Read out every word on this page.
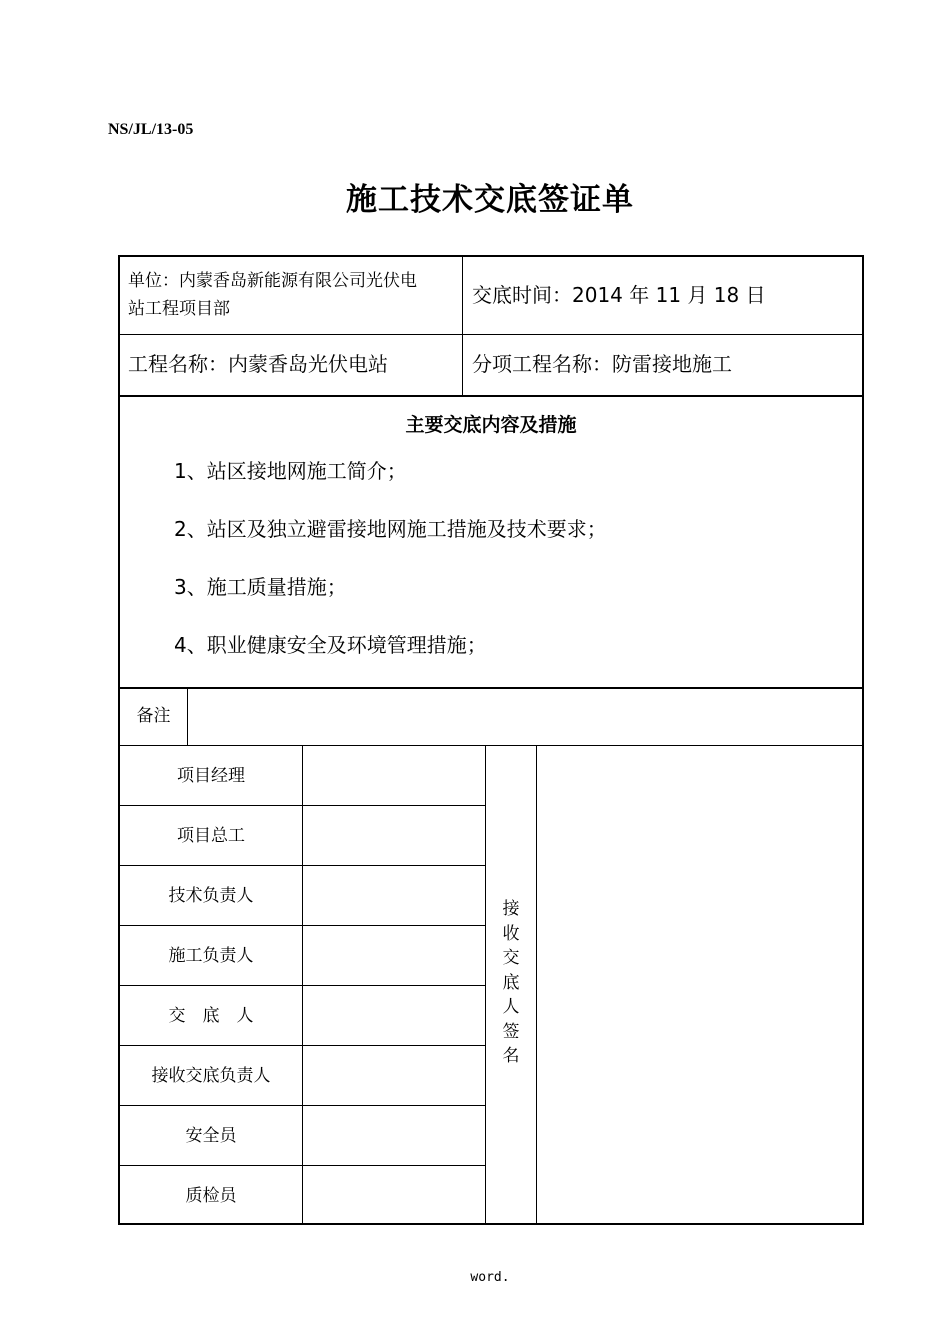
NS/JL/13-05
施工技术交底签证单
单位：内蒙香岛新能源有限公司光伏电
站工程项目部
交底时间：2014 年 11 月 18 日
工程名称：内蒙香岛光伏电站	分项工程名称：防雷接地施工
主要交底内容及措施
1、站区接地网施工简介；
2、站区及独立避雷接地网施工措施及技术要求；
3、施工质量措施；
4、职业健康安全及环境管理措施；
备注
项目经理
项目总工
技术负责人
施工负责人
交　底　人
接收交底负责人
安全员
质检员
接
收
交
底
人
签
名
word.
